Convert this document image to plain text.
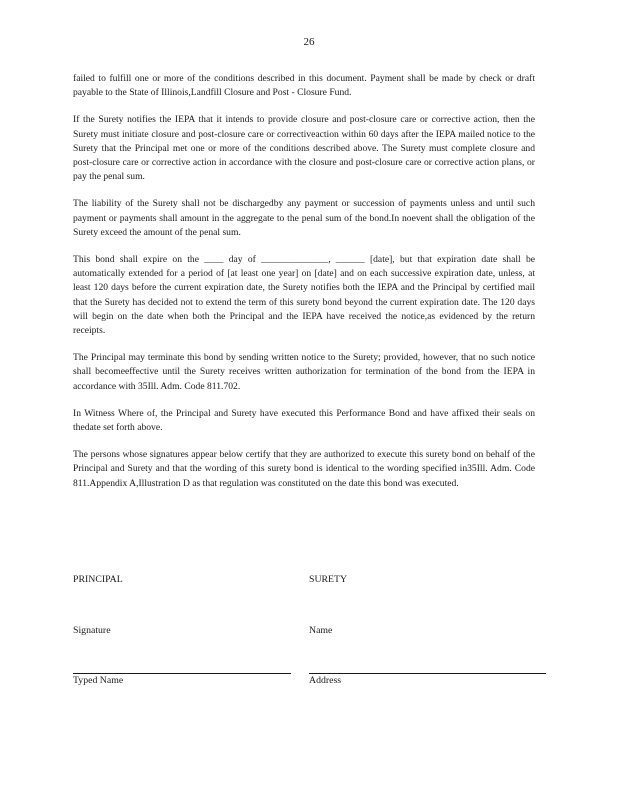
26

failed to fulfill one or more of the conditions described in this document. Payment shall be made by check or draft payable to the State of Illinois,Landfill Closure and Post - Closure Fund.

If the Surety notifies the IEPA that it intends to provide closure and post-closure care or corrective action, then the Surety must initiate closure and post-closure care or correctiveaction within 60 days after the IEPA mailed notice to the Surety that the Principal met one or more of the conditions described above. The Surety must complete closure and post-closure care or corrective action in accordance with the closure and post-closure care or corrective action plans, or pay the penal sum.

The liability of the Surety shall not be dischargedby any payment or succession of payments unless and until such payment or payments shall amount in the aggregate to the penal sum of the bond.In noevent shall the obligation of the Surety exceed the amount of the penal sum.

This bond shall expire on the ____ day of ______________, ______ [date], but that expiration date shall be automatically extended for a period of [at least one year] on [date] and on each successive expiration date, unless, at least 120 days before the current expiration date, the Surety notifies both the IEPA and the Principal by certified mail that the Surety has decided not to extend the term of this surety bond beyond the current expiration date. The 120 days will begin on the date when both the Principal and the IEPA have received the notice,as evidenced by the return receipts.

The Principal may terminate this bond by sending written notice to the Surety; provided, however, that no such notice shall becomeeffective until the Surety receives written authorization for termination of the bond from the IEPA in accordance with 35Ill. Adm. Code 811.702.

In Witness Where of, the Principal and Surety have executed this Performance Bond and have affixed their seals on thedate set forth above.

The persons whose signatures appear below certify that they are authorized to execute this surety bond on behalf of the Principal and Surety and that the wording of this surety bond is identical to the wording specified in35Ill. Adm. Code 811.Appendix A,Illustration D as that regulation was constituted on the date this bond was executed.

PRINCIPAL	SURETY
Signature	Name
Typed Name	Address
